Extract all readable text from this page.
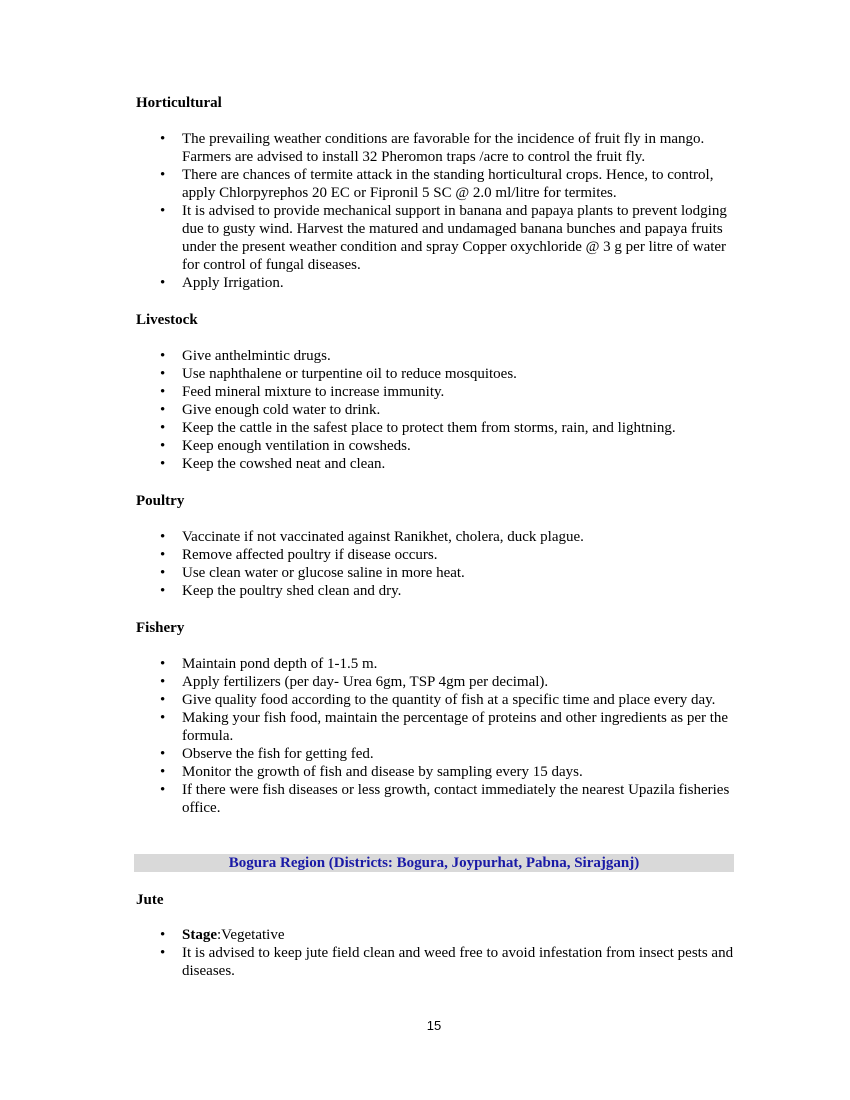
Horticultural
• The prevailing weather conditions are favorable for the incidence of fruit fly in mango. Farmers are advised to install 32 Pheromon traps /acre to control the fruit fly.
• There are chances of termite attack in the standing horticultural crops. Hence, to control, apply Chlorpyrephos 20 EC or Fipronil 5 SC @ 2.0 ml/litre for termites.
• It is advised to provide mechanical support in banana and papaya plants to prevent lodging due to gusty wind. Harvest the matured and undamaged banana bunches and papaya fruits under the present weather condition and spray Copper oxychloride @ 3 g per litre of water for control of fungal diseases.
• Apply Irrigation.
Livestock
• Give anthelmintic drugs.
• Use naphthalene or turpentine oil to reduce mosquitoes.
• Feed mineral mixture to increase immunity.
• Give enough cold water to drink.
• Keep the cattle in the safest place to protect them from storms, rain, and lightning.
• Keep enough ventilation in cowsheds.
• Keep the cowshed neat and clean.
Poultry
• Vaccinate if not vaccinated against Ranikhet, cholera, duck plague.
• Remove affected poultry if disease occurs.
• Use clean water or glucose saline in more heat.
• Keep the poultry shed clean and dry.
Fishery
• Maintain pond depth of 1-1.5 m.
• Apply fertilizers (per day- Urea 6gm, TSP 4gm per decimal).
• Give quality food according to the quantity of fish at a specific time and place every day.
• Making your fish food, maintain the percentage of proteins and other ingredients as per the formula.
• Observe the fish for getting fed.
• Monitor the growth of fish and disease by sampling every 15 days.
• If there were fish diseases or less growth, contact immediately the nearest Upazila fisheries office.
Bogura Region (Districts: Bogura, Joypurhat, Pabna, Sirajganj)
Jute
• Stage:Vegetative
• It is advised to keep jute field clean and weed free to avoid infestation from insect pests and diseases.
15
